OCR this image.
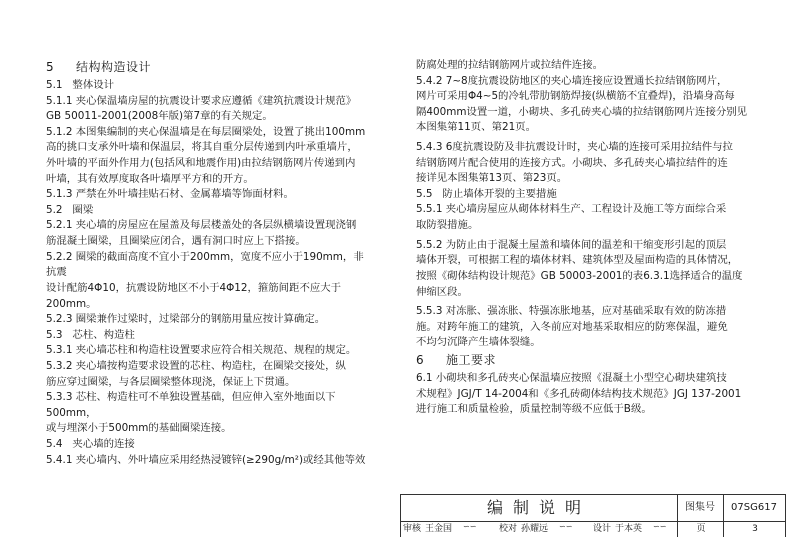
5 结构构造设计
5.1   整体设计
5.1.1 夹心保温墙房屋的抗震设计要求应遵循《建筑抗震设计规范》
GB 50011-2001(2008年版)第7章的有关规定。
5.1.2 本图集编制的夹心保温墙是在每层圈梁处，设置了挑出100mm
高的挑口支承外叶墙和保温层，将其自重分层传递到内叶承重墙片，
外叶墙的平面外作用力(包括风和地震作用)由拉结钢筋网片传递到内
叶墙，其有效厚度取各叶墙厚平方和的开方。
5.1.3 严禁在外叶墙挂贴石材、金属幕墙等饰面材料。
5.2   圈梁
5.2.1 夹心墙的房屋应在屋盖及每层楼盖处的各层纵横墙设置现浇钢
筋混凝土圈梁，且圈梁应闭合，遇有洞口时应上下搭接。
5.2.2 圈梁的截面高度不宜小于200mm，宽度不应小于190mm，非抗震
设计配筋4Φ10，抗震设防地区不小于4Φ12，箍筋间距不应大于200mm。
5.2.3 圈梁兼作过梁时，过梁部分的钢筋用量应按计算确定。
5.3   芯柱、构造柱
5.3.1 夹心墙芯柱和构造柱设置要求应符合相关规范、规程的规定。
5.3.2 夹心墙按构造要求设置的芯柱、构造柱，在圈梁交接处，纵
筋应穿过圈梁，与各层圈梁整体现浇，保证上下贯通。
5.3.3 芯柱、构造柱可不单独设置基础，但应伸入室外地面以下500mm，
或与埋深小于500mm的基础圈梁连接。
5.4   夹心墙的连接
5.4.1 夹心墙内、外叶墙应采用经热浸镀锌(≥290g/m²)或经其他等效
防腐处理的拉结钢筋网片或拉结件连接。
5.4.2 7~8度抗震设防地区的夹心墙连接应设置通长拉结钢筋网片，
网片可采用Φ4~5的冷轧带肋钢筋焊接(纵横筋不宜叠焊)，沿墙身高每
隔400mm设置一道，小砌块、多孔砖夹心墙的拉结钢筋网片连接分别见
本图集第11页、第21页。
5.4.3 6度抗震设防及非抗震设计时，夹心墙的连接可采用拉结件与拉
结钢筋网片配合使用的连接方式。小砌块、多孔砖夹心墙拉结件的连
接详见本图集第13页、第23页。
5.5   防止墙体开裂的主要措施
5.5.1 夹心墙房屋应从砌体材料生产、工程设计及施工等方面综合采
取防裂措施。
5.5.2 为防止由于混凝土屋盖和墙体间的温差和干缩变形引起的顶层
墙体开裂，可根据工程的墙体材料、建筑体型及屋面构造的具体情况，
按照《砌体结构设计规范》GB 50003-2001的表6.3.1选择适合的温度
伸缩区段。
5.5.3 对冻胀、强冻胀、特强冻胀地基，应对基础采取有效的防冻措
施。对跨年施工的建筑，入冬前应对地基采取相应的防寒保温，避免
不均匀沉降产生墙体裂缝。
6 施工要求
6.1 小砌块和多孔砖夹心保温墙应按照《混凝土小型空心砌块建筑技
术规程》JGJ/T 14-2004和《多孔砖砌体结构技术规范》JGJ 137-2001
进行施工和质量检验，质量控制等级不应低于B级。
编制说明	图集号	07SG617
审核 王金国	∽∽	校对 孙耀远	∽∽ 设计 于本英	∽∽	页	3
